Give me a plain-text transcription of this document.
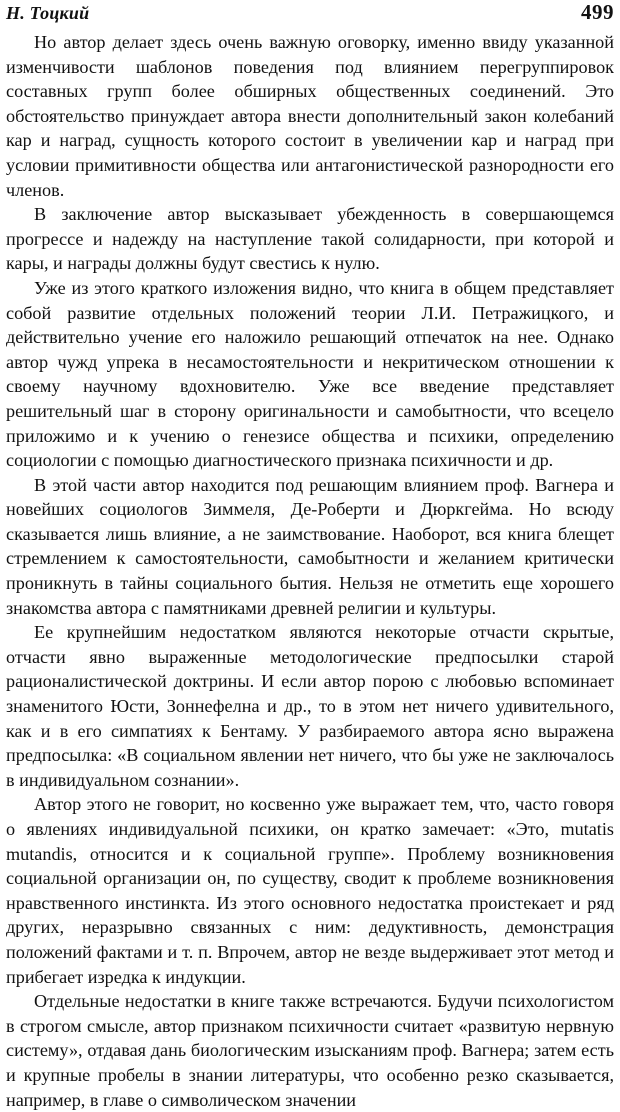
Н. Тоцкий	499

Но автор делает здесь очень важную оговорку, именно ввиду указанной изменчивости шаблонов поведения под влиянием перегруппировок составных групп более обширных общественных соединений. Это обстоятельство принуждает автора внести дополнительный закон колебаний кар и наград, сущность которого состоит в увеличении кар и наград при условии примитивности общества или антагонистической разнородности его членов.

В заключение автор высказывает убежденность в совершающемся прогрессе и надежду на наступление такой солидарности, при которой и кары, и награды должны будут свестись к нулю.

Уже из этого краткого изложения видно, что книга в общем представляет собой развитие отдельных положений теории Л.И. Петражицкого, и действительно учение его наложило решающий отпечаток на нее. Однако автор чужд упрека в несамостоятельности и некритическом отношении к своему научному вдохновителю. Уже все введение представляет решительный шаг в сторону оригинальности и самобытности, что всецело приложимо и к учению о генезисе общества и психики, определению социологии с помощью диагностического признака психичности и др.

В этой части автор находится под решающим влиянием проф. Вагнера и новейших социологов Зиммеля, Де-Роберти и Дюркгейма. Но всюду сказывается лишь влияние, а не заимствование. Наоборот, вся книга блещет стремлением к самостоятельности, самобытности и желанием критически проникнуть в тайны социального бытия. Нельзя не отметить еще хорошего знакомства автора с памятниками древней религии и культуры.

Ее крупнейшим недостатком являются некоторые отчасти скрытые, отчасти явно выраженные методологические предпосылки старой рационалистической доктрины. И если автор порою с любовью вспоминает знаменитого Юсти, Зоннефелна и др., то в этом нет ничего удивительного, как и в его симпатиях к Бентаму. У разбираемого автора ясно выражена предпосылка: «В социальном явлении нет ничего, что бы уже не заключалось в индивидуальном сознании».

Автор этого не говорит, но косвенно уже выражает тем, что, часто говоря о явлениях индивидуальной психики, он кратко замечает: «Это, mutatis mutandis, относится и к социальной группе». Проблему возникновения социальной организации он, по существу, сводит к проблеме возникновения нравственного инстинкта. Из этого основного недостатка проистекает и ряд других, неразрывно связанных с ним: дедуктивность, демонстрация положений фактами и т. п. Впрочем, автор не везде выдерживает этот метод и прибегает изредка к индукции.

Отдельные недостатки в книге также встречаются. Будучи психологистом в строгом смысле, автор признаком психичности считает «развитую нервную систему», отдавая дань биологическим изысканиям проф. Вагнера; затем есть и крупные пробелы в знании литературы, что особенно резко сказывается, например, в главе о символическом значении
